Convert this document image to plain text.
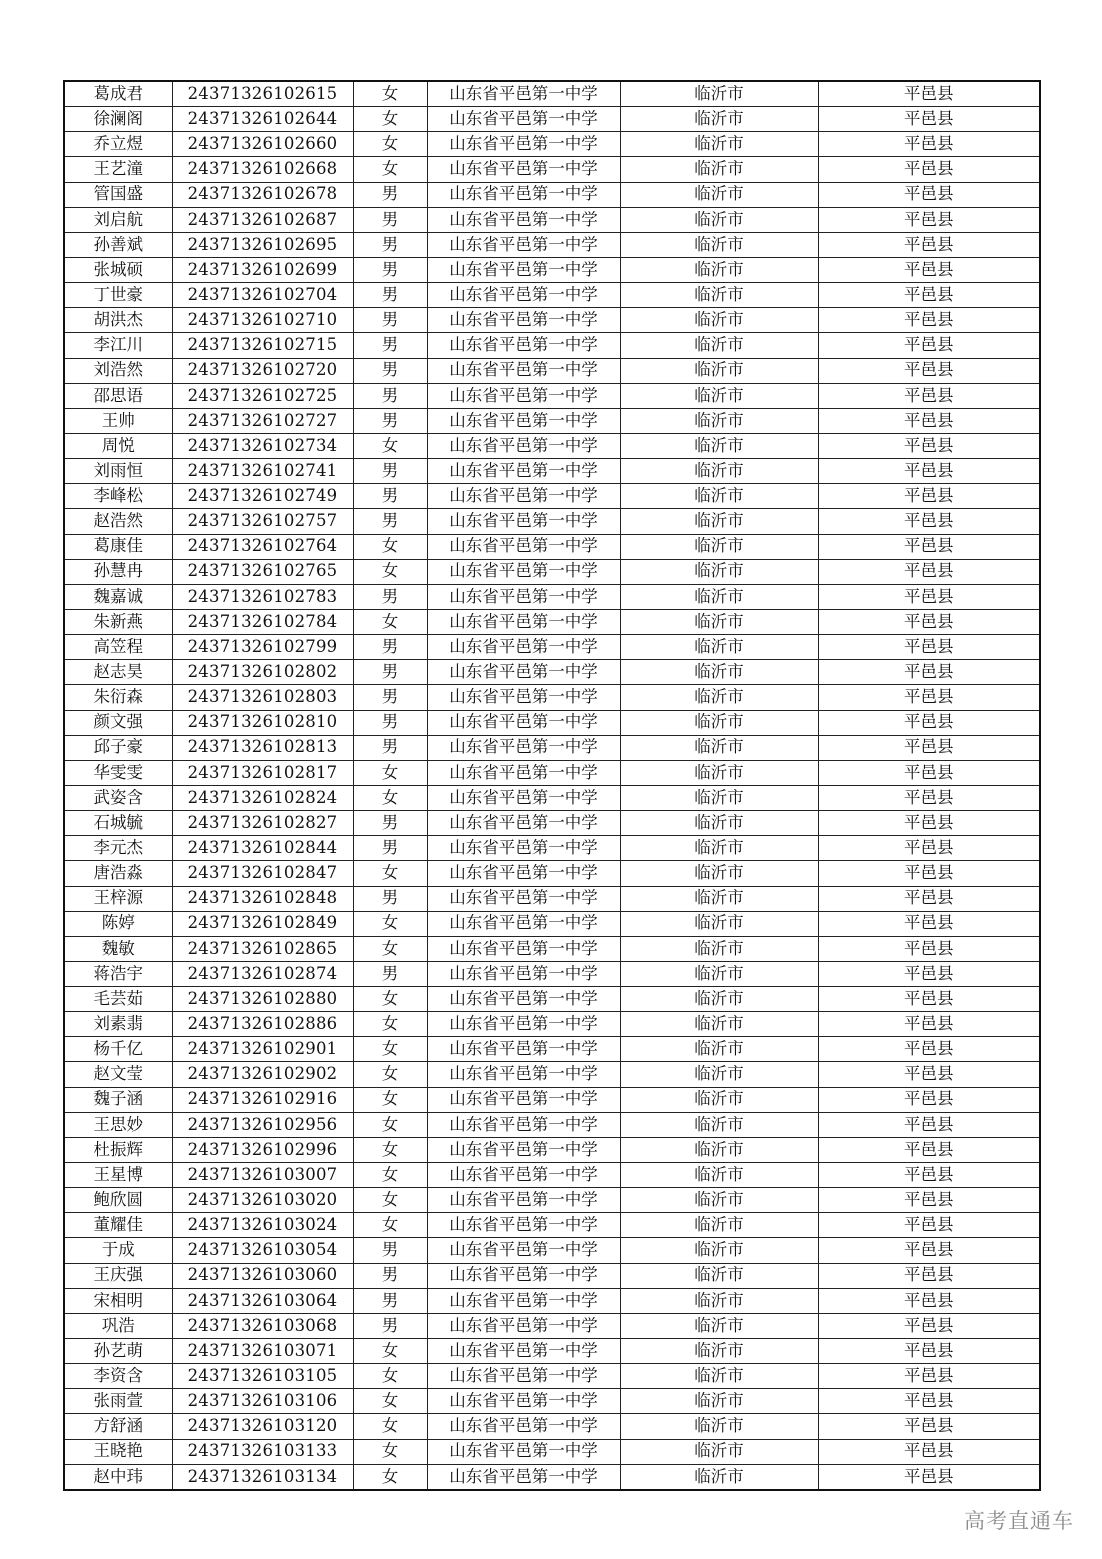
葛成君	24371326102615	女	山东省平邑第一中学	临沂市	平邑县
徐澜阁	24371326102644	女	山东省平邑第一中学	临沂市	平邑县
乔立煜	24371326102660	女	山东省平邑第一中学	临沂市	平邑县
王艺潼	24371326102668	女	山东省平邑第一中学	临沂市	平邑县
管国盛	24371326102678	男	山东省平邑第一中学	临沂市	平邑县
刘启航	24371326102687	男	山东省平邑第一中学	临沂市	平邑县
孙善斌	24371326102695	男	山东省平邑第一中学	临沂市	平邑县
张城硕	24371326102699	男	山东省平邑第一中学	临沂市	平邑县
丁世豪	24371326102704	男	山东省平邑第一中学	临沂市	平邑县
胡洪杰	24371326102710	男	山东省平邑第一中学	临沂市	平邑县
李江川	24371326102715	男	山东省平邑第一中学	临沂市	平邑县
刘浩然	24371326102720	男	山东省平邑第一中学	临沂市	平邑县
邵思语	24371326102725	男	山东省平邑第一中学	临沂市	平邑县
王帅	24371326102727	男	山东省平邑第一中学	临沂市	平邑县
周悦	24371326102734	女	山东省平邑第一中学	临沂市	平邑县
刘雨恒	24371326102741	男	山东省平邑第一中学	临沂市	平邑县
李峰松	24371326102749	男	山东省平邑第一中学	临沂市	平邑县
赵浩然	24371326102757	男	山东省平邑第一中学	临沂市	平邑县
葛康佳	24371326102764	女	山东省平邑第一中学	临沂市	平邑县
孙慧冉	24371326102765	女	山东省平邑第一中学	临沂市	平邑县
魏嘉诚	24371326102783	男	山东省平邑第一中学	临沂市	平邑县
朱新燕	24371326102784	女	山东省平邑第一中学	临沂市	平邑县
高笠程	24371326102799	男	山东省平邑第一中学	临沂市	平邑县
赵志昊	24371326102802	男	山东省平邑第一中学	临沂市	平邑县
朱衍森	24371326102803	男	山东省平邑第一中学	临沂市	平邑县
颜文强	24371326102810	男	山东省平邑第一中学	临沂市	平邑县
邱子豪	24371326102813	男	山东省平邑第一中学	临沂市	平邑县
华雯雯	24371326102817	女	山东省平邑第一中学	临沂市	平邑县
武姿含	24371326102824	女	山东省平邑第一中学	临沂市	平邑县
石城毓	24371326102827	男	山东省平邑第一中学	临沂市	平邑县
李元杰	24371326102844	男	山东省平邑第一中学	临沂市	平邑县
唐浩淼	24371326102847	女	山东省平邑第一中学	临沂市	平邑县
王梓源	24371326102848	男	山东省平邑第一中学	临沂市	平邑县
陈婷	24371326102849	女	山东省平邑第一中学	临沂市	平邑县
魏敏	24371326102865	女	山东省平邑第一中学	临沂市	平邑县
蒋浩宇	24371326102874	男	山东省平邑第一中学	临沂市	平邑县
毛芸茹	24371326102880	女	山东省平邑第一中学	临沂市	平邑县
刘素翡	24371326102886	女	山东省平邑第一中学	临沂市	平邑县
杨千亿	24371326102901	女	山东省平邑第一中学	临沂市	平邑县
赵文莹	24371326102902	女	山东省平邑第一中学	临沂市	平邑县
魏子涵	24371326102916	女	山东省平邑第一中学	临沂市	平邑县
王思妙	24371326102956	女	山东省平邑第一中学	临沂市	平邑县
杜振辉	24371326102996	女	山东省平邑第一中学	临沂市	平邑县
王星博	24371326103007	女	山东省平邑第一中学	临沂市	平邑县
鲍欣圆	24371326103020	女	山东省平邑第一中学	临沂市	平邑县
董耀佳	24371326103024	女	山东省平邑第一中学	临沂市	平邑县
于成	24371326103054	男	山东省平邑第一中学	临沂市	平邑县
王庆强	24371326103060	男	山东省平邑第一中学	临沂市	平邑县
宋相明	24371326103064	男	山东省平邑第一中学	临沂市	平邑县
巩浩	24371326103068	男	山东省平邑第一中学	临沂市	平邑县
孙艺萌	24371326103071	女	山东省平邑第一中学	临沂市	平邑县
李资含	24371326103105	女	山东省平邑第一中学	临沂市	平邑县
张雨萱	24371326103106	女	山东省平邑第一中学	临沂市	平邑县
方舒涵	24371326103120	女	山东省平邑第一中学	临沂市	平邑县
王晓艳	24371326103133	女	山东省平邑第一中学	临沂市	平邑县
赵中玮	24371326103134	女	山东省平邑第一中学	临沂市	平邑县
高考直通车
